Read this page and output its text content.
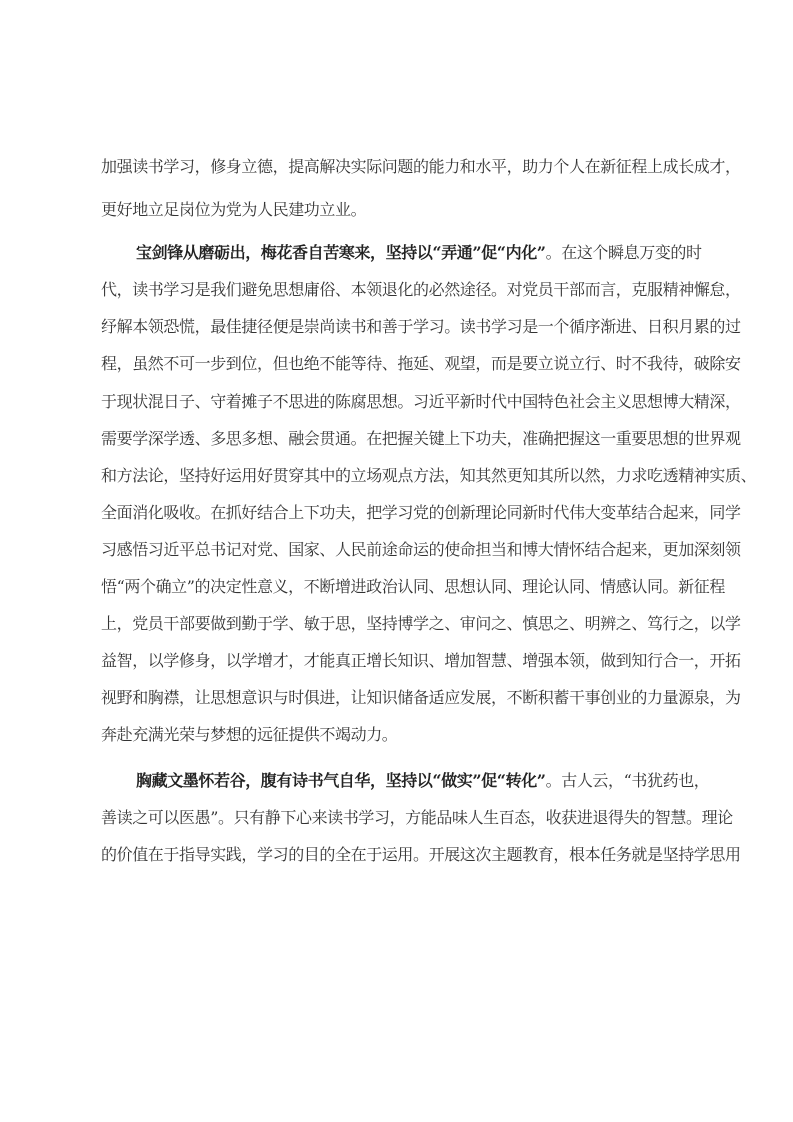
加强读书学习，修身立德，提高解决实际问题的能力和水平，助力个人在新征程上成长成才，
更好地立足岗位为党为人民建功立业。
宝剑锋从磨砺出，梅花香自苦寒来，坚持以“弄通”促“内化”。在这个瞬息万变的时
代，读书学习是我们避免思想庸俗、本领退化的必然途径。对党员干部而言，克服精神懈怠，
纾解本领恐慌，最佳捷径便是崇尚读书和善于学习。读书学习是一个循序渐进、日积月累的过
程，虽然不可一步到位，但也绝不能等待、拖延、观望，而是要立说立行、时不我待，破除安
于现状混日子、守着摊子不思进的陈腐思想。习近平新时代中国特色社会主义思想博大精深，
需要学深学透、多思多想、融会贯通。在把握关键上下功夫，准确把握这一重要思想的世界观
和方法论，坚持好运用好贯穿其中的立场观点方法，知其然更知其所以然，力求吃透精神实质、
全面消化吸收。在抓好结合上下功夫，把学习党的创新理论同新时代伟大变革结合起来，同学
习感悟习近平总书记对党、国家、人民前途命运的使命担当和博大情怀结合起来，更加深刻领
悟“两个确立”的决定性意义，不断增进政治认同、思想认同、理论认同、情感认同。新征程
上，党员干部要做到勤于学、敏于思，坚持博学之、审问之、慎思之、明辨之、笃行之，以学
益智，以学修身，以学增才，才能真正增长知识、增加智慧、增强本领，做到知行合一，开拓
视野和胸襟，让思想意识与时俱进，让知识储备适应发展，不断积蓄干事创业的力量源泉，为
奔赴充满光荣与梦想的远征提供不竭动力。
胸藏文墨怀若谷，腹有诗书气自华，坚持以“做实”促“转化”。古人云，“书犹药也，
善读之可以医愚”。只有静下心来读书学习，方能品味人生百态，收获进退得失的智慧。理论
的价值在于指导实践，学习的目的全在于运用。开展这次主题教育，根本任务就是坚持学思用
